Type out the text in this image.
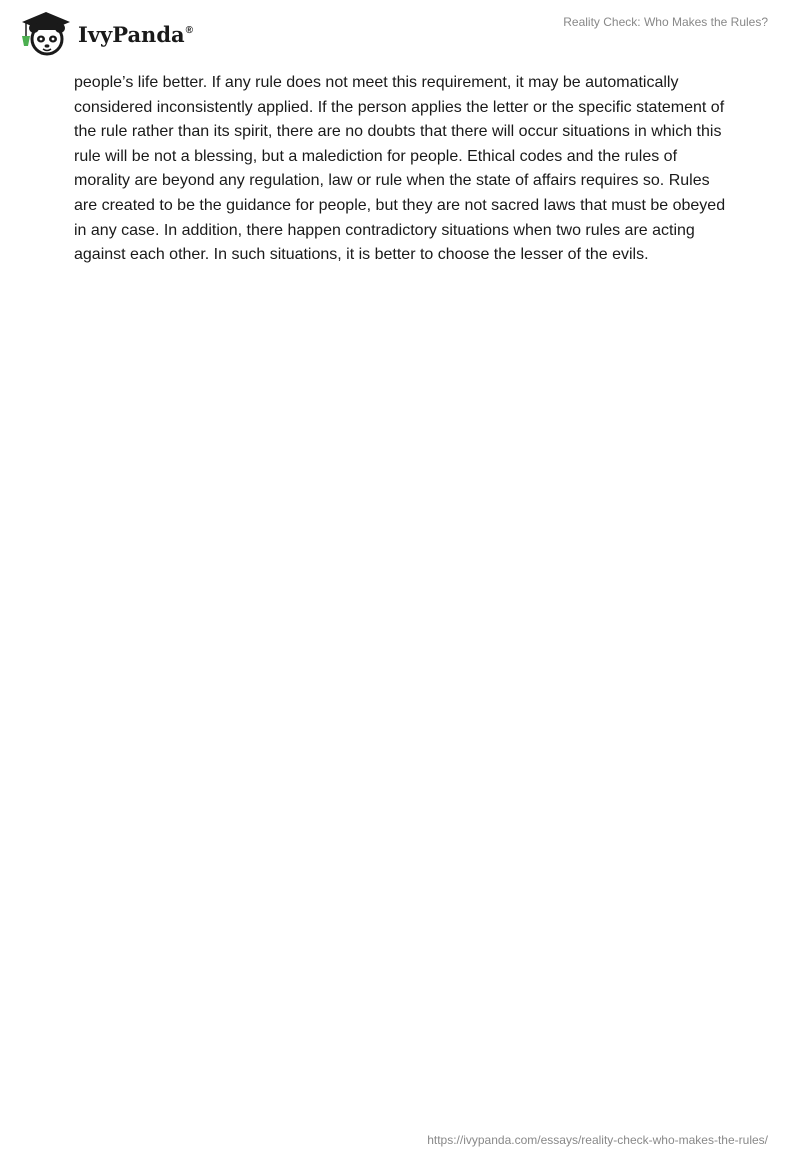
IvyPanda®
Reality Check: Who Makes the Rules?

people’s life better. If any rule does not meet this requirement, it may be automatically considered inconsistently applied. If the person applies the letter or the specific statement of the rule rather than its spirit, there are no doubts that there will occur situations in which this rule will be not a blessing, but a malediction for people. Ethical codes and the rules of morality are beyond any regulation, law or rule when the state of affairs requires so. Rules are created to be the guidance for people, but they are not sacred laws that must be obeyed in any case. In addition, there happen contradictory situations when two rules are acting against each other. In such situations, it is better to choose the lesser of the evils.

https://ivypanda.com/essays/reality-check-who-makes-the-rules/
